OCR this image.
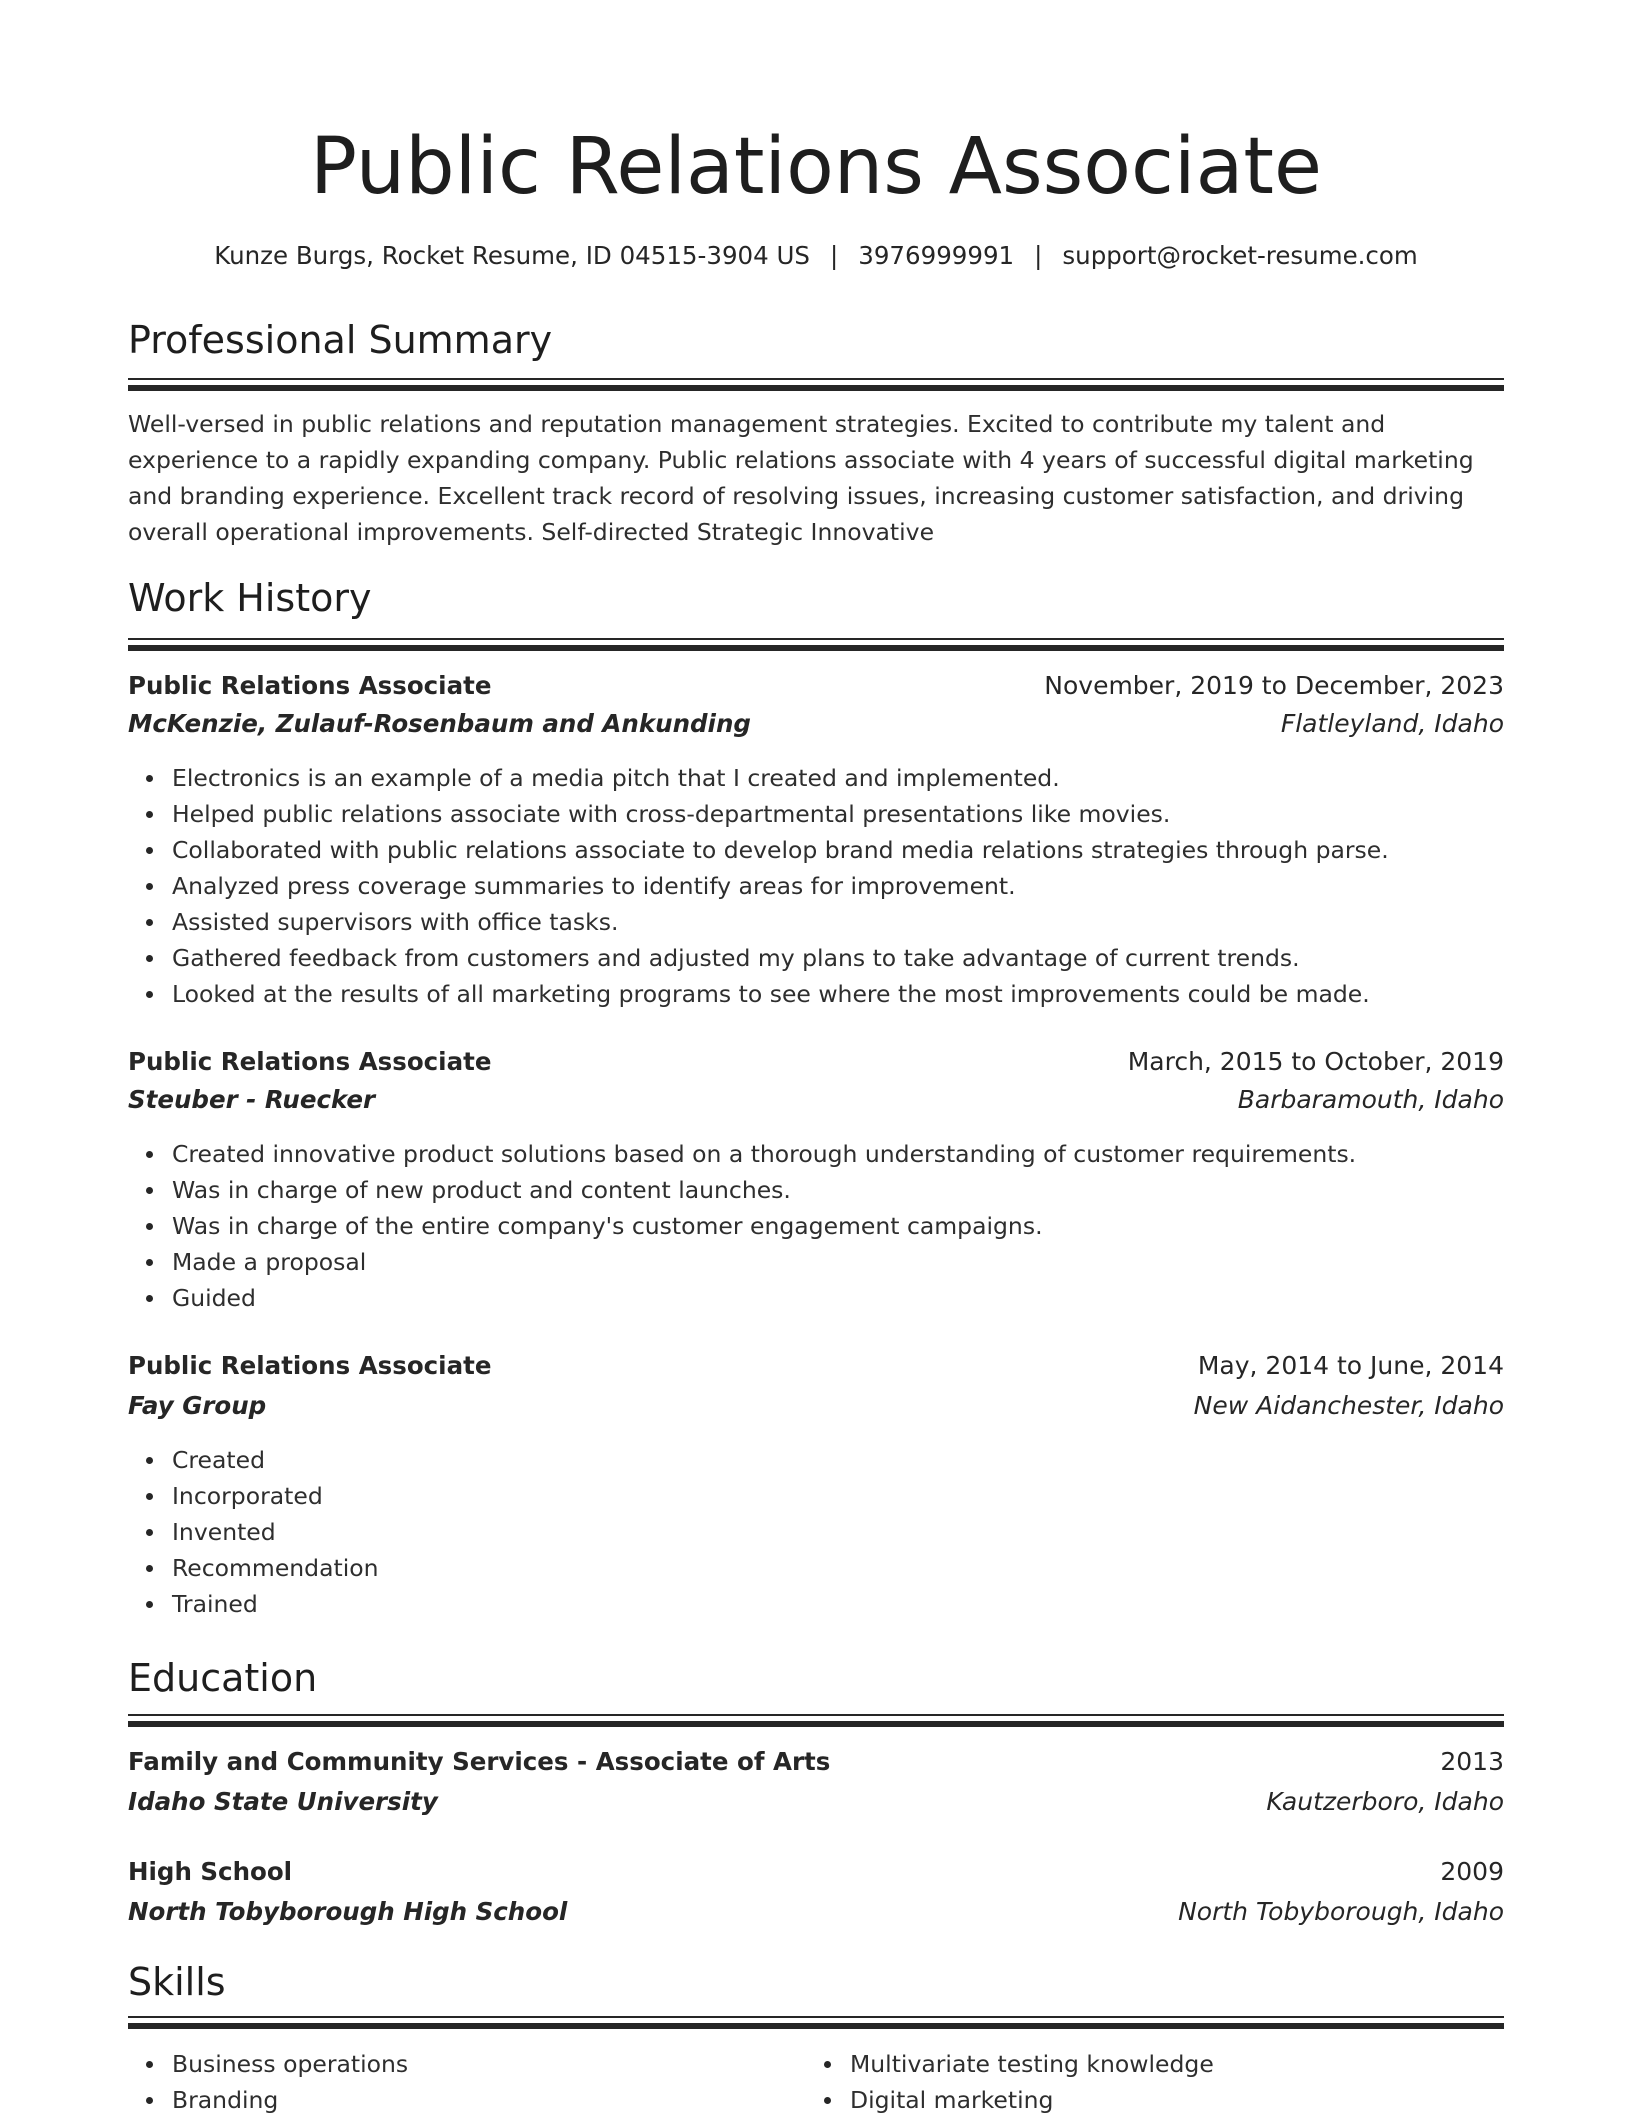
Public Relations Associate
Kunze Burgs, Rocket Resume, ID 04515-3904 US | 3976999991 | support@rocket-resume.com
Professional Summary
Well-versed in public relations and reputation management strategies. Excited to contribute my talent and experience to a rapidly expanding company. Public relations associate with 4 years of successful digital marketing and branding experience. Excellent track record of resolving issues, increasing customer satisfaction, and driving overall operational improvements. Self-directed Strategic Innovative
Work History
Public Relations Associate	November, 2019 to December, 2023
McKenzie, Zulauf-Rosenbaum and Ankunding	Flatleyland, Idaho
Electronics is an example of a media pitch that I created and implemented.
Helped public relations associate with cross-departmental presentations like movies.
Collaborated with public relations associate to develop brand media relations strategies through parse.
Analyzed press coverage summaries to identify areas for improvement.
Assisted supervisors with office tasks.
Gathered feedback from customers and adjusted my plans to take advantage of current trends.
Looked at the results of all marketing programs to see where the most improvements could be made.
Public Relations Associate	March, 2015 to October, 2019
Steuber - Ruecker	Barbaramouth, Idaho
Created innovative product solutions based on a thorough understanding of customer requirements.
Was in charge of new product and content launches.
Was in charge of the entire company's customer engagement campaigns.
Made a proposal
Guided
Public Relations Associate	May, 2014 to June, 2014
Fay Group	New Aidanchester, Idaho
Created
Incorporated
Invented
Recommendation
Trained
Education
Family and Community Services - Associate of Arts	2013
Idaho State University	Kautzerboro, Idaho
High School	2009
North Tobyborough High School	North Tobyborough, Idaho
Skills
Business operations
Branding
Multivariate testing knowledge
Digital marketing
